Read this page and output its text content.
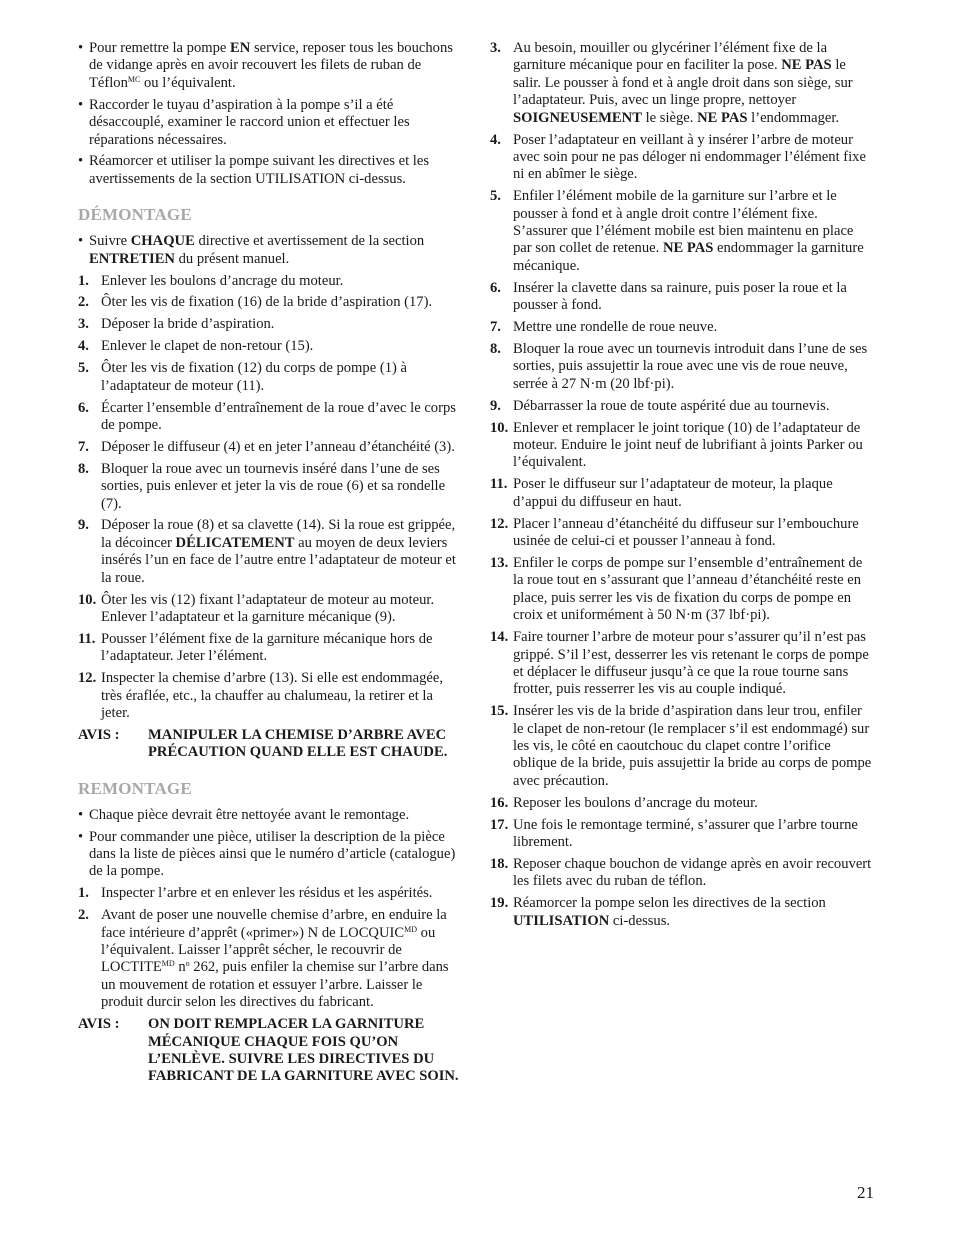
• Pour remettre la pompe EN service, reposer tous les bouchons de vidange après en avoir recouvert les filets de ruban de Téflon$^{MC}$ ou l’équivalent.
• Raccorder le tuyau d’aspiration à la pompe s’il a été désaccouplé, examiner le raccord union et effectuer les réparations nécessaires.
• Réamorcer et utiliser la pompe suivant les directives et les avertissements de la section UTILISATION ci-dessus.
DÉMONTAGE
• Suivre CHAQUE directive et avertissement de la section ENTRETIEN du présent manuel.
1. Enlever les boulons d’ancrage du moteur.
2. Ôter les vis de fixation (16) de la bride d’aspiration (17).
3. Déposer la bride d’aspiration.
4. Enlever le clapet de non-retour (15).
5. Ôter les vis de fixation (12) du corps de pompe (1) à l’adaptateur de moteur (11).
6. Écarter l’ensemble d’entraînement de la roue d’avec le corps de pompe.
7. Déposer le diffuseur (4) et en jeter l’anneau d’étanchéité (3).
8. Bloquer la roue avec un tournevis inséré dans l’une de ses sorties, puis enlever et jeter la vis de roue (6) et sa rondelle (7).
9. Déposer la roue (8) et sa clavette (14). Si la roue est grippée, la décoincer DÉLICATEMENT au moyen de deux leviers insérés l’un en face de l’autre entre l’adaptateur de moteur et la roue.
10. Ôter les vis (12) fixant l’adaptateur de moteur au moteur. Enlever l’adaptateur et la garniture mécanique (9).
11. Pousser l’élément fixe de la garniture mécanique hors de l’adaptateur. Jeter l’élément.
12. Inspecter la chemise d’arbre (13). Si elle est endommagée, très éraflée, etc., la chauffer au chalumeau, la retirer et la jeter.
AVIS :	MANIPULER LA CHEMISE D’ARBRE AVEC PRÉCAUTION QUAND ELLE EST CHAUDE.
REMONTAGE
• Chaque pièce devrait être nettoyée avant le remontage.
• Pour commander une pièce, utiliser la description de la pièce dans la liste de pièces ainsi que le numéro d’article (catalogue) de la pompe.
1. Inspecter l’arbre et en enlever les résidus et les aspérités.
2. Avant de poser une nouvelle chemise d’arbre, en enduire la face intérieure d’apprêt («primer») N de $LOCQUIC^{MD}$ ou l’équivalent. Laisser l’apprêt sécher, le recouvrir de $LOCTITE^{MD}$ $n^o$ 262, puis enfiler la chemise sur l’arbre dans un mouvement de rotation et essuyer l’arbre. Laisser le produit durcir selon les directives du fabricant.
AVIS :	ON DOIT REMPLACER LA GARNITURE MÉCANIQUE CHAQUE FOIS QU’ON L’ENLÈVE. SUIVRE LES DIRECTIVES DU FABRICANT DE LA GARNITURE AVEC SOIN.
3. Au besoin, mouiller ou glycériner l’élément fixe de la garniture mécanique pour en faciliter la pose. NE PAS le salir. Le pousser à fond et à angle droit dans son siège, sur l’adaptateur. Puis, avec un linge propre, nettoyer SOIGNEUSEMENT le siège. NE PAS l’endommager.
4. Poser l’adaptateur en veillant à y insérer l’arbre de moteur avec soin pour ne pas déloger ni endommager l’élément fixe ni en abîmer le siège.
5. Enfiler l’élément mobile de la garniture sur l’arbre et le pousser à fond et à angle droit contre l’élément fixe. S’assurer que l’élément mobile est bien maintenu en place par son collet de retenue. NE PAS endommager la garniture mécanique.
6. Insérer la clavette dans sa rainure, puis poser la roue et la pousser à fond.
7. Mettre une rondelle de roue neuve.
8. Bloquer la roue avec un tournevis introduit dans l’une de ses sorties, puis assujettir la roue avec une vis de roue neuve, serrée à 27 N·m (20 lbf·pi).
9. Débarrasser la roue de toute aspérité due au tournevis.
10. Enlever et remplacer le joint torique (10) de l’adaptateur de moteur. Enduire le joint neuf de lubrifiant à joints Parker ou l’équivalent.
11. Poser le diffuseur sur l’adaptateur de moteur, la plaque d’appui du diffuseur en haut.
12. Placer l’anneau d’étanchéité du diffuseur sur l’embouchure usinée de celui-ci et pousser l’anneau à fond.
13. Enfiler le corps de pompe sur l’ensemble d’entraînement de la roue tout en s’assurant que l’anneau d’étanchéité reste en place, puis serrer les vis de fixation du corps de pompe en croix et uniformément à 50 N·m (37 lbf·pi).
14. Faire tourner l’arbre de moteur pour s’assurer qu’il n’est pas grippé. S’il l’est, desserrer les vis retenant le corps de pompe et déplacer le diffuseur jusqu’à ce que la roue tourne sans frotter, puis resserrer les vis au couple indiqué.
15. Insérer les vis de la bride d’aspiration dans leur trou, enfiler le clapet de non-retour (le remplacer s’il est endommagé) sur les vis, le côté en caoutchouc du clapet contre l’orifice oblique de la bride, puis assujettir la bride au corps de pompe avec précaution.
16. Reposer les boulons d’ancrage du moteur.
17. Une fois le remontage terminé, s’assurer que l’arbre tourne librement.
18. Reposer chaque bouchon de vidange après en avoir recouvert les filets avec du ruban de téflon.
19. Réamorcer la pompe selon les directives de la section UTILISATION ci-dessus.
21
